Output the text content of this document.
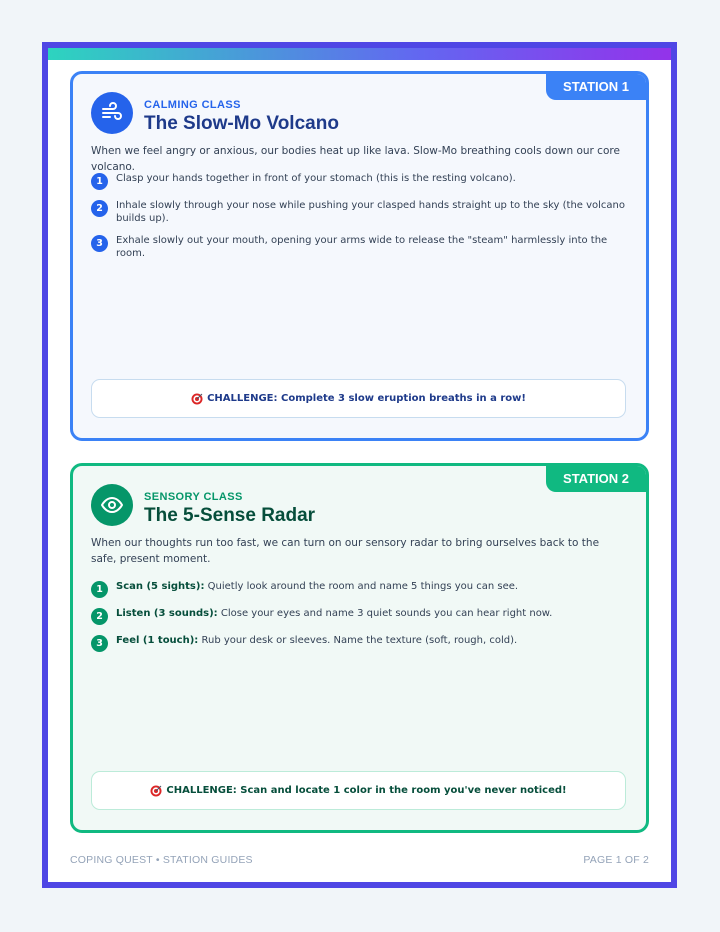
STATION 1
CALMING CLASS
The Slow-Mo Volcano
When we feel angry or anxious, our bodies heat up like lava. Slow-Mo breathing cools down our core volcano.
1	Clasp your hands together in front of your stomach (this is the resting volcano).
2	Inhale slowly through your nose while pushing your clasped hands straight up to the sky (the volcano builds up).
3	Exhale slowly out your mouth, opening your arms wide to release the "steam" harmlessly into the room.
CHALLENGE: Complete 3 slow eruption breaths in a row!
STATION 2
SENSORY CLASS
The 5-Sense Radar
When our thoughts run too fast, we can turn on our sensory radar to bring ourselves back to the safe, present moment.
1	Scan (5 sights): Quietly look around the room and name 5 things you can see.
2	Listen (3 sounds): Close your eyes and name 3 quiet sounds you can hear right now.
3	Feel (1 touch): Rub your desk or sleeves. Name the texture (soft, rough, cold).
CHALLENGE: Scan and locate 1 color in the room you've never noticed!
COPING QUEST • STATION GUIDES	PAGE 1 OF 2
